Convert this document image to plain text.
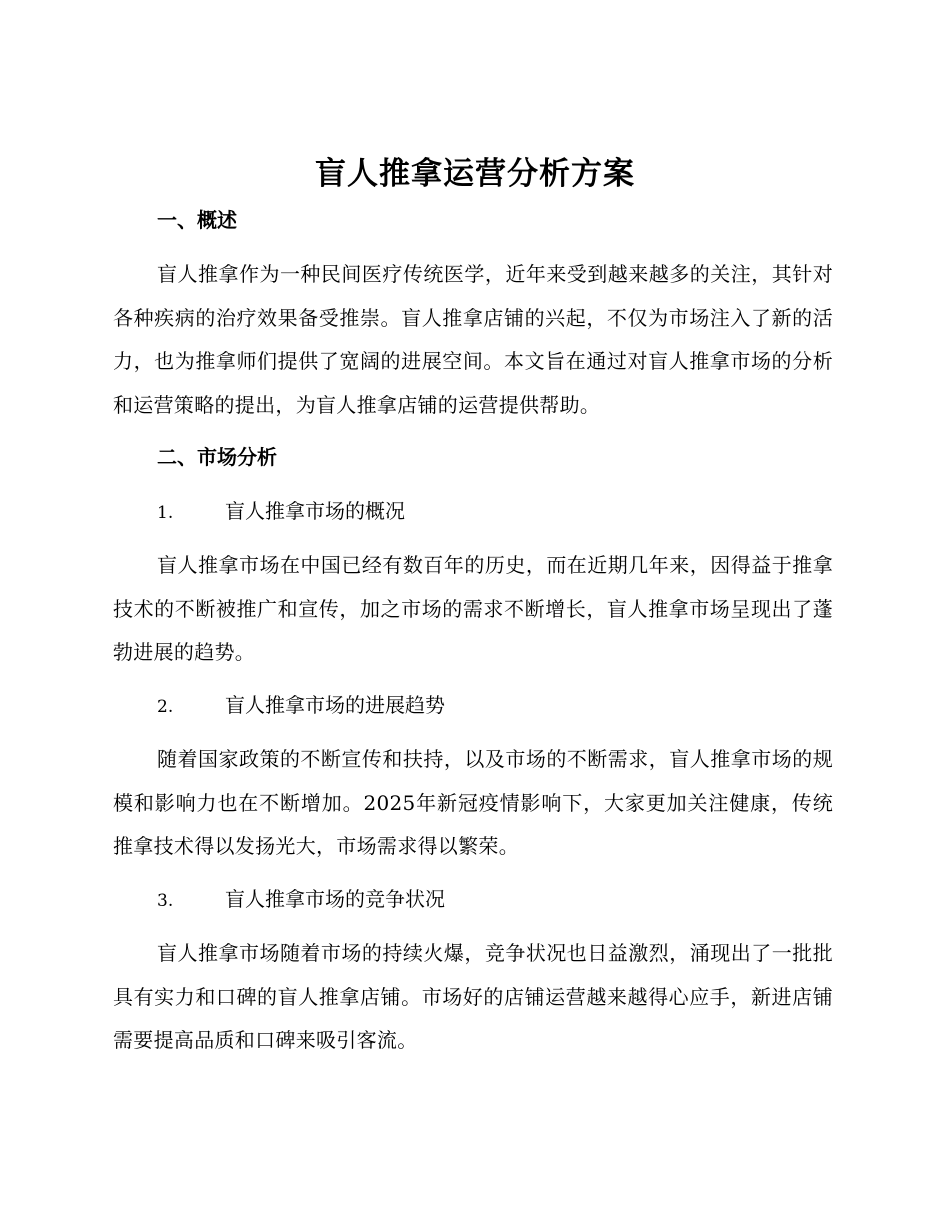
盲人推拿运营分析方案
一、概述

盲人推拿作为一种民间医疗传统医学，近年来受到越来越多的关注，其针对各种疾病的治疗效果备受推崇。盲人推拿店铺的兴起，不仅为市场注入了新的活力，也为推拿师们提供了宽阔的进展空间。本文旨在通过对盲人推拿市场的分析和运营策略的提出，为盲人推拿店铺的运营提供帮助。

二、市场分析
1.	盲人推拿市场的概况

盲人推拿市场在中国已经有数百年的历史，而在近期几年来，因得益于推拿技术的不断被推广和宣传，加之市场的需求不断增长，盲人推拿市场呈现出了蓬勃进展的趋势。

2.	盲人推拿市场的进展趋势

随着国家政策的不断宣传和扶持，以及市场的不断需求，盲人推拿市场的规模和影响力也在不断增加。2025年新冠疫情影响下，大家更加关注健康，传统推拿技术得以发扬光大，市场需求得以繁荣。

3.	盲人推拿市场的竞争状况

盲人推拿市场随着市场的持续火爆，竞争状况也日益激烈，涌现出了一批批具有实力和口碑的盲人推拿店铺。市场好的店铺运营越来越得心应手，新进店铺需要提高品质和口碑来吸引客流。
